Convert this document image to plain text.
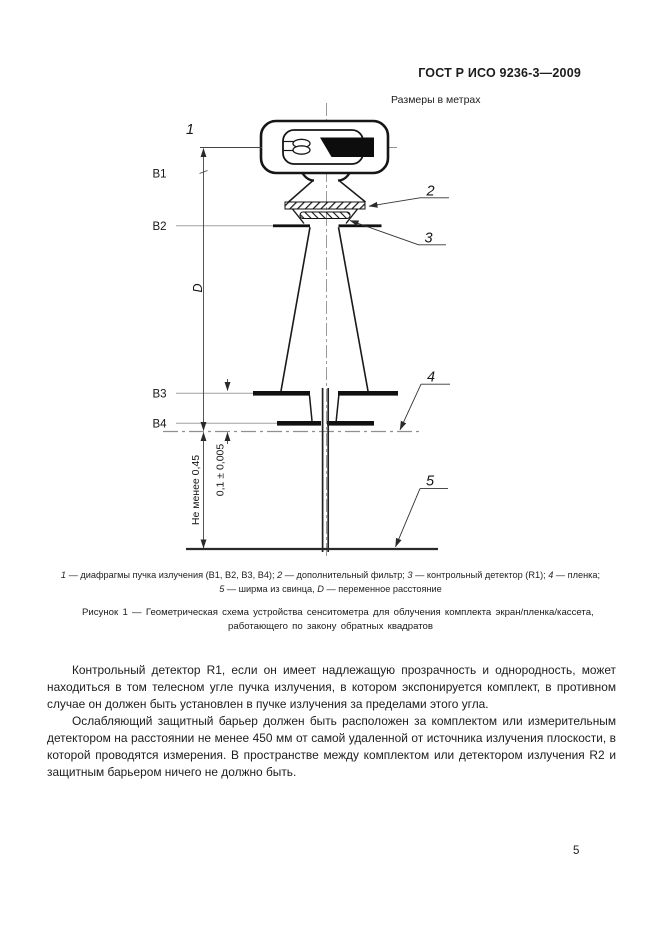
ГОСТ Р ИСО 9236-3—2009
Размеры в метрах
1
2
3
4
5
B1
B2
B3
B4
D
0,1 ± 0,005
Не менее 0,45
1 — диафрагмы пучка излучения (В1, В2, В3, В4); 2 — дополнительный фильтр; 3 — контрольный детектор (R1); 4 — пленка;
5 — ширма из свинца, D — переменное расстояние
Рисунок 1 — Геометрическая схема устройства сенситометра для облучения комплекта экран/пленка/кассета,
работающего по закону обратных квадратов

Контрольный детектор R1, если он имеет надлежащую прозрачность и однородность, может находиться в том телесном угле пучка излучения, в котором экспонируется комплект, в противном случае он должен быть установлен в пучке излучения за пределами этого угла.

Ослабляющий защитный барьер должен быть расположен за комплектом или измерительным детектором на расстоянии не менее 450 мм от самой удаленной от источника излучения плоскости, в которой проводятся измерения. В пространстве между комплектом или детектором излучения R2 и защитным барьером ничего не должно быть.

5
